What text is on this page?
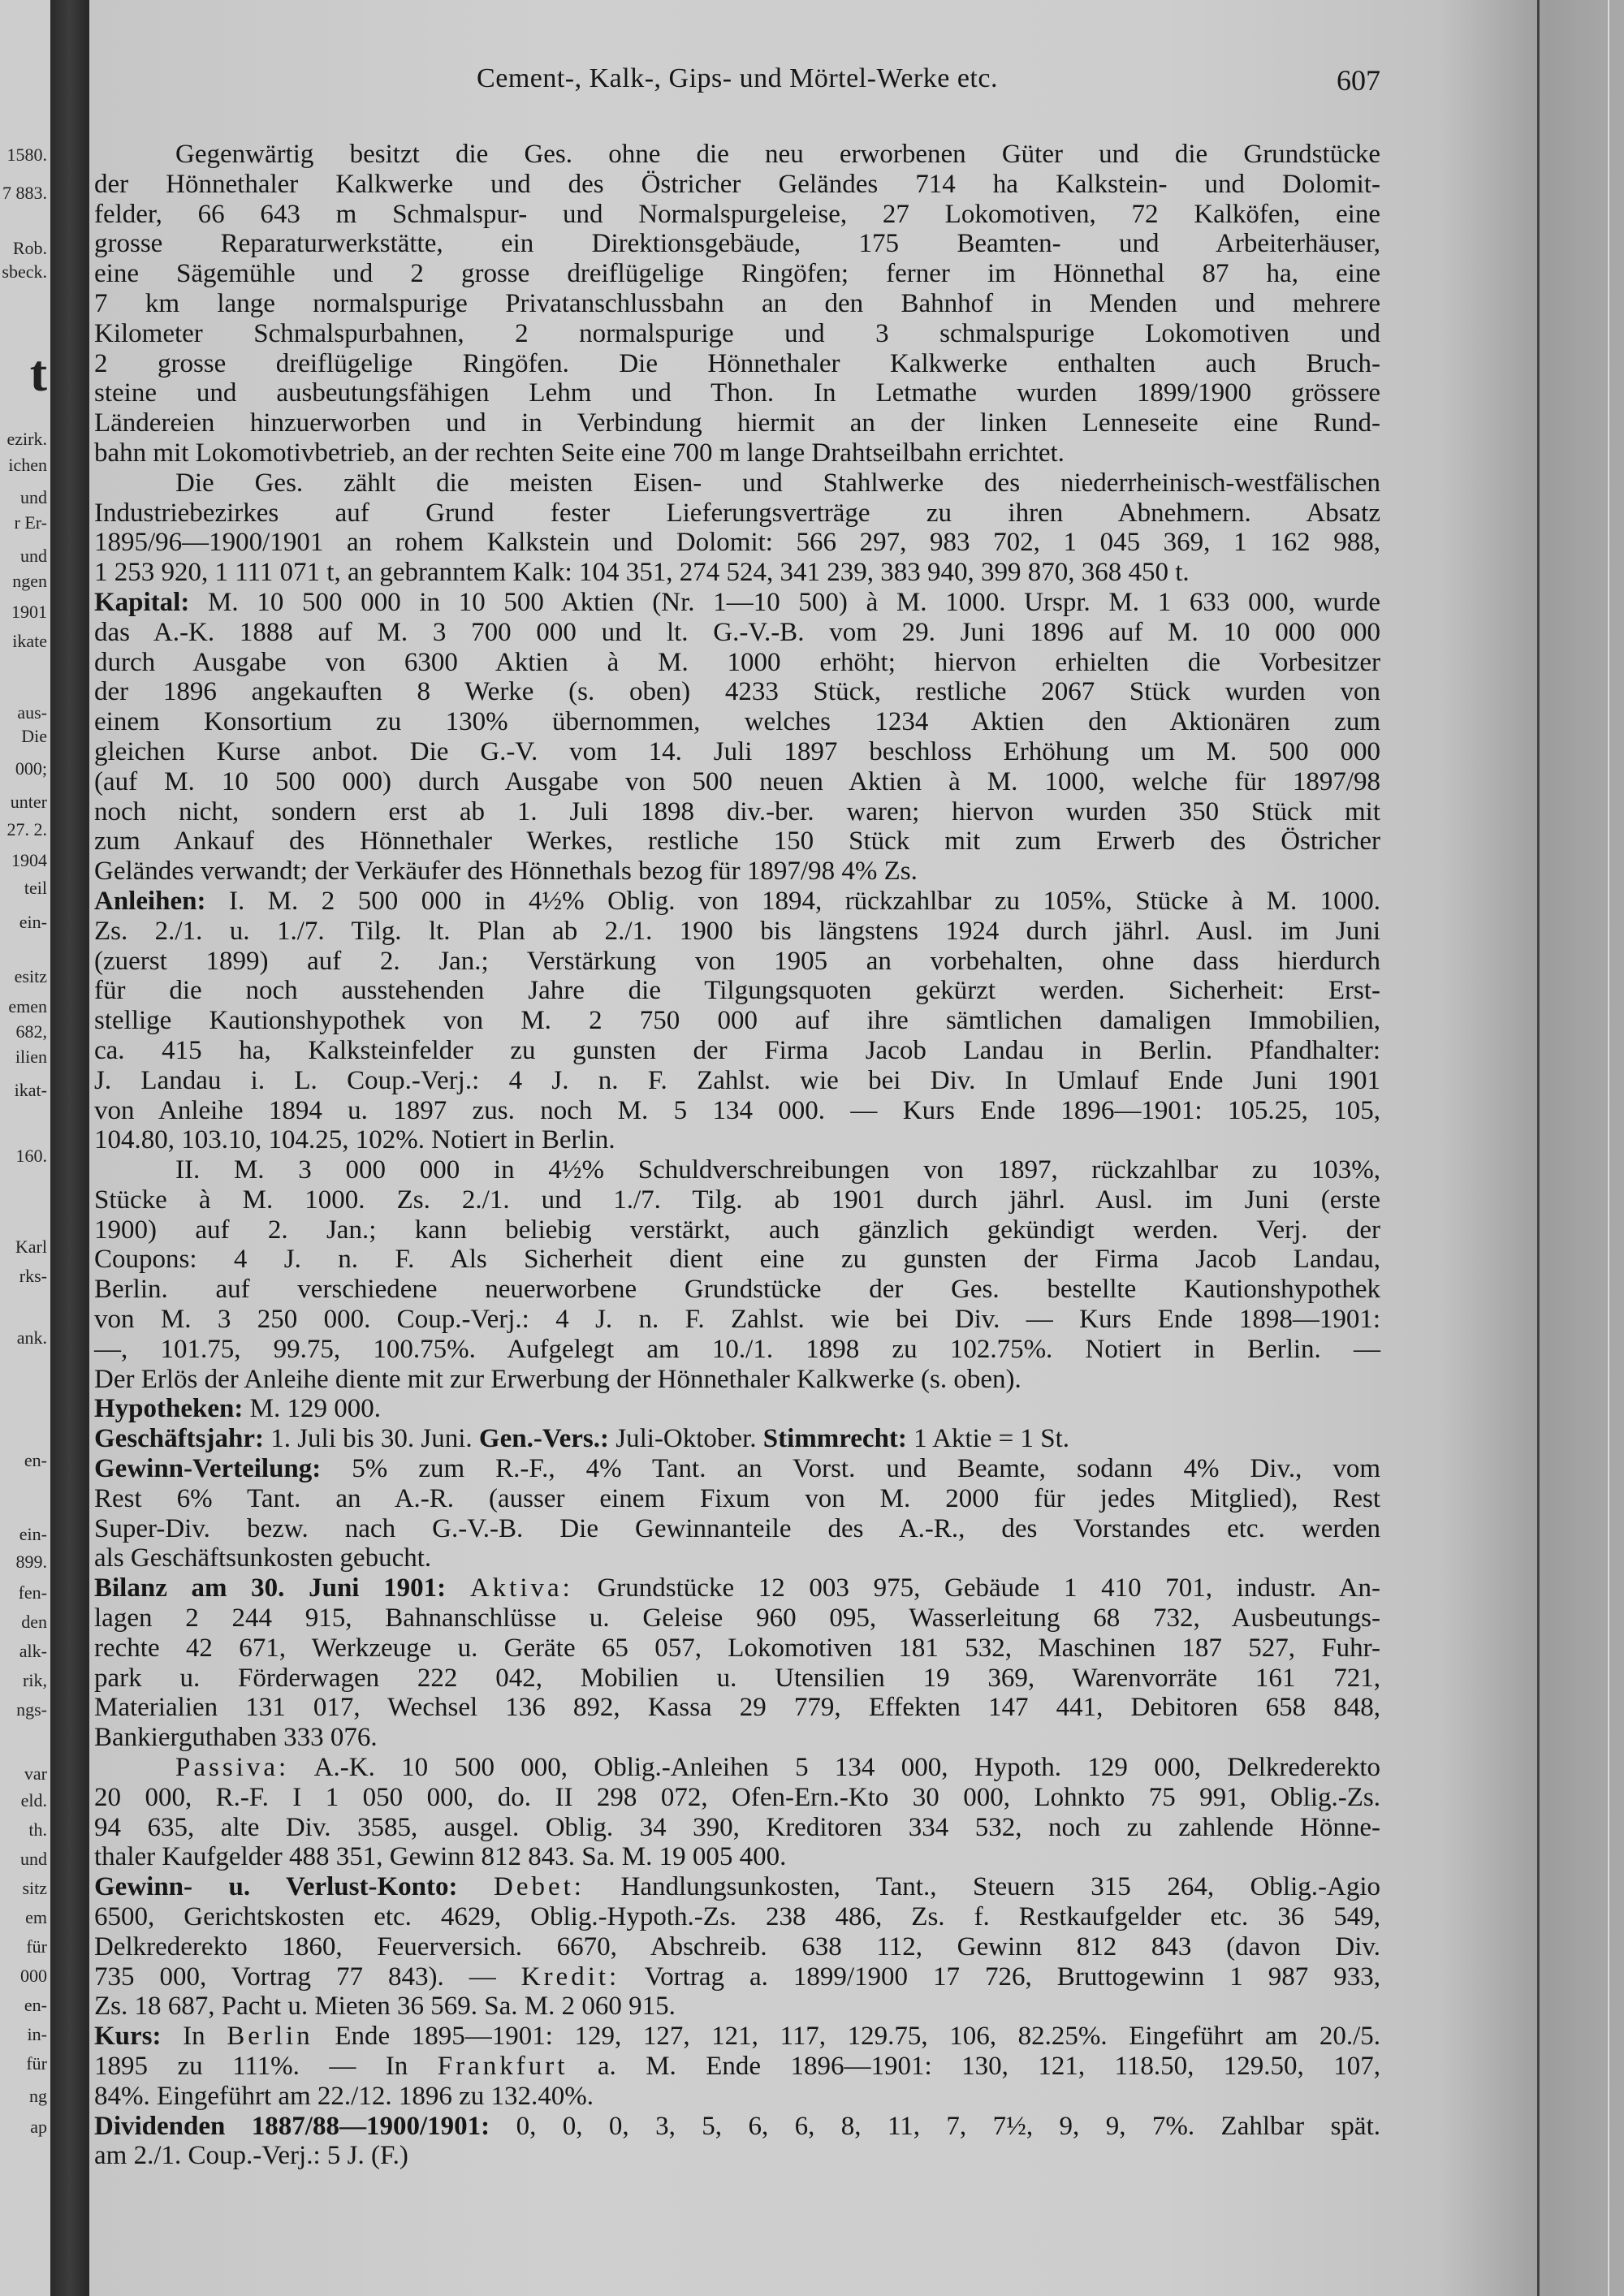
1580.
7 883.
Rob.
sbeck.
t
ezirk.
ichen
und
r Er-
und
ngen
1901
ikate
aus-
Die
000;
unter
27. 2.
1904
teil
ein-
esitz
emen
682,
ilien
ikat-
160.
Karl
rks-
ank.
en-
ein-
899.
fen-
den
alk-
rik,
ngs-
var
eld.
th.
und
sitz
em
für
000
en-
in-
für
ng
ap
Cement-, Kalk-, Gips- und Mörtel-Werke etc.	607
Gegenwärtig besitzt die Ges. ohne die neu erworbenen Güter und die Grundstücke
der Hönnethaler Kalkwerke und des Östricher Geländes 714 ha Kalkstein- und Dolomit-
felder, 66 643 m Schmalspur- und Normalspurgeleise, 27 Lokomotiven, 72 Kalköfen, eine
grosse Reparaturwerkstätte, ein Direktionsgebäude, 175 Beamten- und Arbeiterhäuser,
eine Sägemühle und 2 grosse dreiflügelige Ringöfen; ferner im Hönnethal 87 ha, eine
7 km lange normalspurige Privatanschlussbahn an den Bahnhof in Menden und mehrere
Kilometer Schmalspurbahnen, 2 normalspurige und 3 schmalspurige Lokomotiven und
2 grosse dreiflügelige Ringöfen. Die Hönnethaler Kalkwerke enthalten auch Bruch-
steine und ausbeutungsfähigen Lehm und Thon. In Letmathe wurden 1899/1900 grössere
Ländereien hinzuerworben und in Verbindung hiermit an der linken Lenneseite eine Rund-
bahn mit Lokomotivbetrieb, an der rechten Seite eine 700 m lange Drahtseilbahn errichtet.
Die Ges. zählt die meisten Eisen- und Stahlwerke des niederrheinisch-westfälischen
Industriebezirkes auf Grund fester Lieferungsverträge zu ihren Abnehmern. Absatz
1895/96—1900/1901 an rohem Kalkstein und Dolomit: 566 297, 983 702, 1 045 369, 1 162 988,
1 253 920, 1 111 071 t, an gebranntem Kalk: 104 351, 274 524, 341 239, 383 940, 399 870, 368 450 t.
Kapital: M. 10 500 000 in 10 500 Aktien (Nr. 1—10 500) à M. 1000. Urspr. M. 1 633 000, wurde
das A.-K. 1888 auf M. 3 700 000 und lt. G.-V.-B. vom 29. Juni 1896 auf M. 10 000 000
durch Ausgabe von 6300 Aktien à M. 1000 erhöht; hiervon erhielten die Vorbesitzer
der 1896 angekauften 8 Werke (s. oben) 4233 Stück, restliche 2067 Stück wurden von
einem Konsortium zu 130% übernommen, welches 1234 Aktien den Aktionären zum
gleichen Kurse anbot. Die G.-V. vom 14. Juli 1897 beschloss Erhöhung um M. 500 000
(auf M. 10 500 000) durch Ausgabe von 500 neuen Aktien à M. 1000, welche für 1897/98
noch nicht, sondern erst ab 1. Juli 1898 div.-ber. waren; hiervon wurden 350 Stück mit
zum Ankauf des Hönnethaler Werkes, restliche 150 Stück mit zum Erwerb des Östricher
Geländes verwandt; der Verkäufer des Hönnethals bezog für 1897/98 4% Zs.
Anleihen: I. M. 2 500 000 in 4½% Oblig. von 1894, rückzahlbar zu 105%, Stücke à M. 1000.
Zs. 2./1. u. 1./7. Tilg. lt. Plan ab 2./1. 1900 bis längstens 1924 durch jährl. Ausl. im Juni
(zuerst 1899) auf 2. Jan.; Verstärkung von 1905 an vorbehalten, ohne dass hierdurch
für die noch ausstehenden Jahre die Tilgungsquoten gekürzt werden. Sicherheit: Erst-
stellige Kautionshypothek von M. 2 750 000 auf ihre sämtlichen damaligen Immobilien,
ca. 415 ha, Kalksteinfelder zu gunsten der Firma Jacob Landau in Berlin. Pfandhalter:
J. Landau i. L. Coup.-Verj.: 4 J. n. F. Zahlst. wie bei Div. In Umlauf Ende Juni 1901
von Anleihe 1894 u. 1897 zus. noch M. 5 134 000. — Kurs Ende 1896—1901: 105.25, 105,
104.80, 103.10, 104.25, 102%. Notiert in Berlin.
II. M. 3 000 000 in 4½% Schuldverschreibungen von 1897, rückzahlbar zu 103%,
Stücke à M. 1000. Zs. 2./1. und 1./7. Tilg. ab 1901 durch jährl. Ausl. im Juni (erste
1900) auf 2. Jan.; kann beliebig verstärkt, auch gänzlich gekündigt werden. Verj. der
Coupons: 4 J. n. F. Als Sicherheit dient eine zu gunsten der Firma Jacob Landau,
Berlin. auf verschiedene neuerworbene Grundstücke der Ges. bestellte Kautionshypothek
von M. 3 250 000. Coup.-Verj.: 4 J. n. F. Zahlst. wie bei Div. — Kurs Ende 1898—1901:
—, 101.75, 99.75, 100.75%. Aufgelegt am 10./1. 1898 zu 102.75%. Notiert in Berlin. —
Der Erlös der Anleihe diente mit zur Erwerbung der Hönnethaler Kalkwerke (s. oben).
Hypotheken: M. 129 000.
Geschäftsjahr: 1. Juli bis 30. Juni. Gen.-Vers.: Juli-Oktober. Stimmrecht: 1 Aktie = 1 St.
Gewinn-Verteilung: 5% zum R.-F., 4% Tant. an Vorst. und Beamte, sodann 4% Div., vom
Rest 6% Tant. an A.-R. (ausser einem Fixum von M. 2000 für jedes Mitglied), Rest
Super-Div. bezw. nach G.-V.-B. Die Gewinnanteile des A.-R., des Vorstandes etc. werden
als Geschäftsunkosten gebucht.
Bilanz am 30. Juni 1901: Aktiva: Grundstücke 12 003 975, Gebäude 1 410 701, industr. An-
lagen 2 244 915, Bahnanschlüsse u. Geleise 960 095, Wasserleitung 68 732, Ausbeutungs-
rechte 42 671, Werkzeuge u. Geräte 65 057, Lokomotiven 181 532, Maschinen 187 527, Fuhr-
park u. Förderwagen 222 042, Mobilien u. Utensilien 19 369, Warenvorräte 161 721,
Materialien 131 017, Wechsel 136 892, Kassa 29 779, Effekten 147 441, Debitoren 658 848,
Bankierguthaben 333 076.
Passiva: A.-K. 10 500 000, Oblig.-Anleihen 5 134 000, Hypoth. 129 000, Delkrederekto
20 000, R.-F. I 1 050 000, do. II 298 072, Ofen-Ern.-Kto 30 000, Lohnkto 75 991, Oblig.-Zs.
94 635, alte Div. 3585, ausgel. Oblig. 34 390, Kreditoren 334 532, noch zu zahlende Hönne-
thaler Kaufgelder 488 351, Gewinn 812 843. Sa. M. 19 005 400.
Gewinn- u. Verlust-Konto: Debet: Handlungsunkosten, Tant., Steuern 315 264, Oblig.-Agio
6500, Gerichtskosten etc. 4629, Oblig.-Hypoth.-Zs. 238 486, Zs. f. Restkaufgelder etc. 36 549,
Delkrederekto 1860, Feuerversich. 6670, Abschreib. 638 112, Gewinn 812 843 (davon Div.
735 000, Vortrag 77 843). — Kredit: Vortrag a. 1899/1900 17 726, Bruttogewinn 1 987 933,
Zs. 18 687, Pacht u. Mieten 36 569. Sa. M. 2 060 915.
Kurs: In Berlin Ende 1895—1901: 129, 127, 121, 117, 129.75, 106, 82.25%. Eingeführt am 20./5.
1895 zu 111%. — In Frankfurt a. M. Ende 1896—1901: 130, 121, 118.50, 129.50, 107,
84%. Eingeführt am 22./12. 1896 zu 132.40%.
Dividenden 1887/88—1900/1901: 0, 0, 0, 3, 5, 6, 6, 8, 11, 7, 7½, 9, 9, 7%. Zahlbar spät.
am 2./1. Coup.-Verj.: 5 J. (F.)
